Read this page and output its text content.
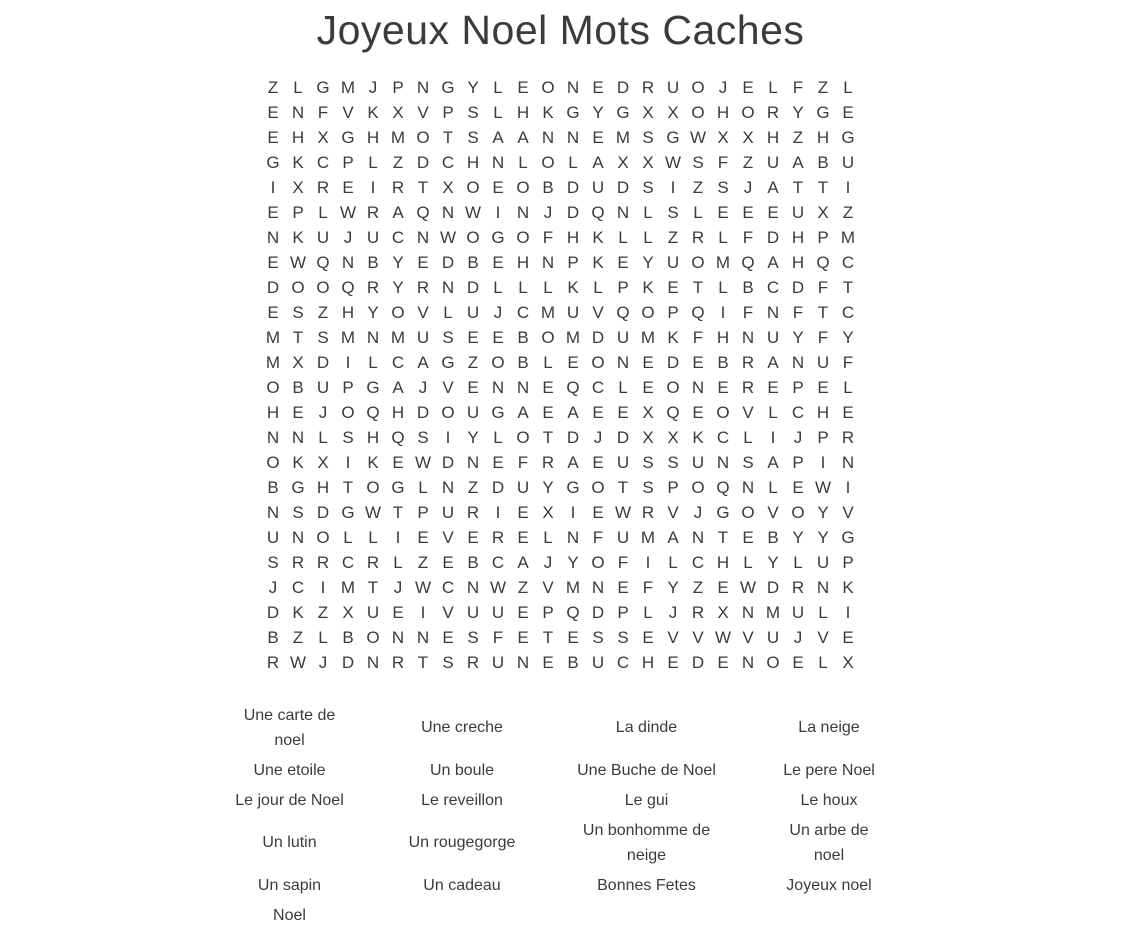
Joyeux Noel Mots Caches
Z L G M J P N G Y L E O N E D R U O J E L F Z L
E N F V K X V P S L H K G Y G X X O H O R Y G E
E H X G H M O T S A A N N E M S G W X X H Z H G
G K C P L Z D C H N L O L A X X W S F Z U A B U
I X R E I R T X O E O B D U D S I Z S J A T T I
E P L W R A Q N W I N J D Q N L S L E E E U X Z
N K U J U C N W O G O F H K L L Z R L F D H P M
E W Q N B Y E D B E H N P K E Y U O M Q A H Q C
D O O Q R Y R N D L L L K L P K E T L B C D F T
E S Z H Y O V L U J C M U V Q O P Q I F N F T C
M T S M N M U S E E B O M D U M K F H N U Y F Y
M X D I L C A G Z O B L E O N E D E B R A N U F
O B U P G A J V E N N E Q C L E O N E R E P E L
H E J O Q H D O U G A E A E E X Q E O V L C H E
N N L S H Q S I Y L O T D J D X X K C L I J P R
O K X I K E W D N E F R A E U S S U N S A P I N
B G H T O G L N Z D U Y G O T S P O Q N L E W I
N S D G W T P U R I E X I E W R V J G O V O Y V
U N O L L I E V E R E L N F U M A N T E B Y Y G
S R R C R L Z E B C A J Y O F I L C H L Y L U P
J C I M T J W C N W Z V M N E F Y Z E W D R N K
D K Z X U E I V U U E P Q D P L J R X N M U L I
B Z L B O N N E S F E T E S S E V V W V U J V E
R W J D N R T S R U N E B U C H E D E N O E L X
Une carte de noel	Une creche	La dinde	La neige
Une etoile	Un boule	Une Buche de Noel	Le pere Noel
Le jour de Noel	Le reveillon	Le gui	Le houx
Un lutin	Un rougegorge	Un bonhomme de neige	Un arbe de noel
Un sapin	Un cadeau	Bonnes Fetes	Joyeux noel
Noel			
